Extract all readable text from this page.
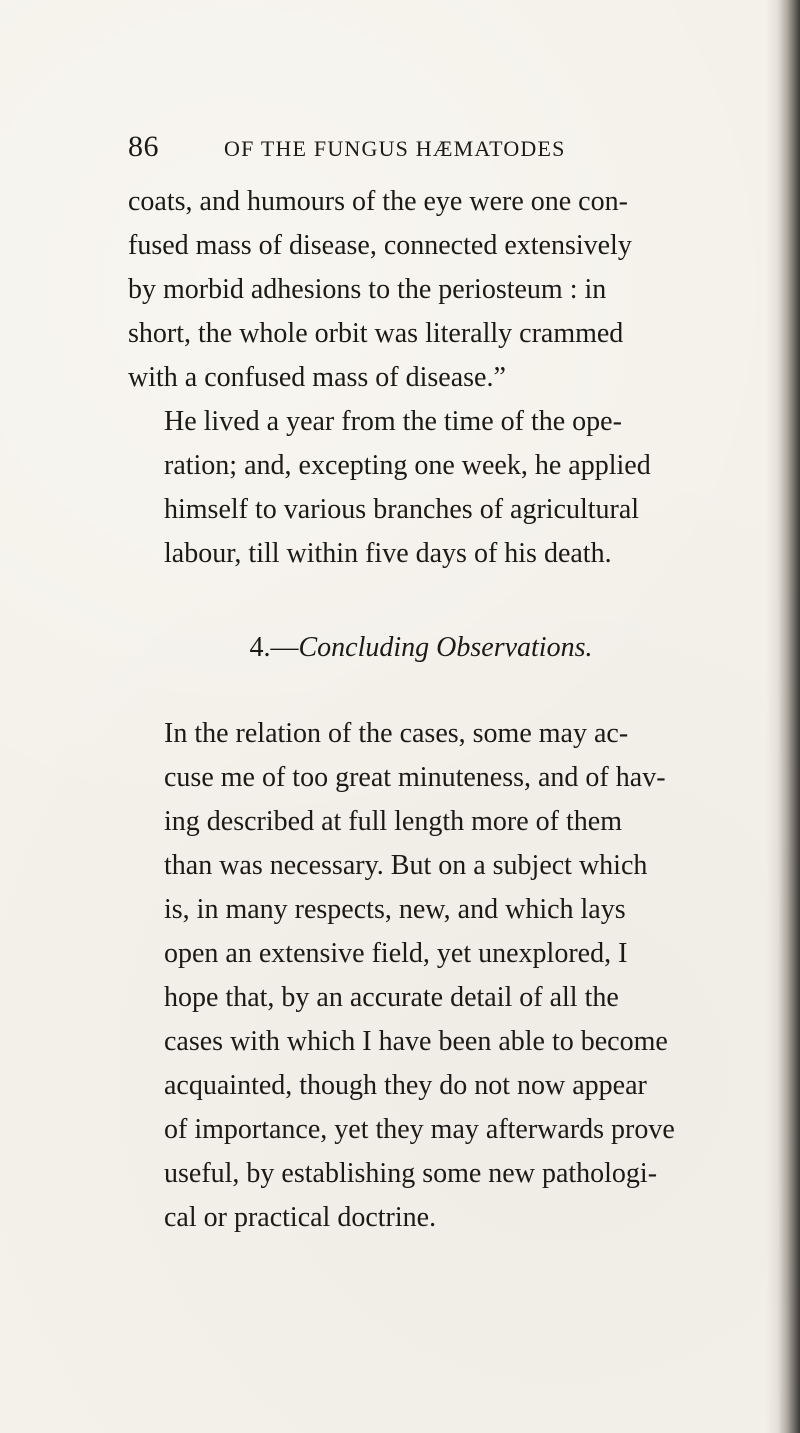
86	OF THE FUNGUS HÆMATODES

coats, and humours of the eye were one con-
fused mass of disease, connected extensively
by morbid adhesions to the periosteum : in
short, the whole orbit was literally crammed
with a confused mass of disease.”

He lived a year from the time of the ope-
ration; and, excepting one week, he applied
himself to various branches of agricultural
labour, till within five days of his death.

4.—Concluding Observations.

In the relation of the cases, some may ac-
cuse me of too great minuteness, and of hav-
ing described at full length more of them
than was necessary. But on a subject which
is, in many respects, new, and which lays
open an extensive field, yet unexplored, I
hope that, by an accurate detail of all the
cases with which I have been able to become
acquainted, though they do not now appear
of importance, yet they may afterwards prove
useful, by establishing some new pathologi-
cal or practical doctrine.
